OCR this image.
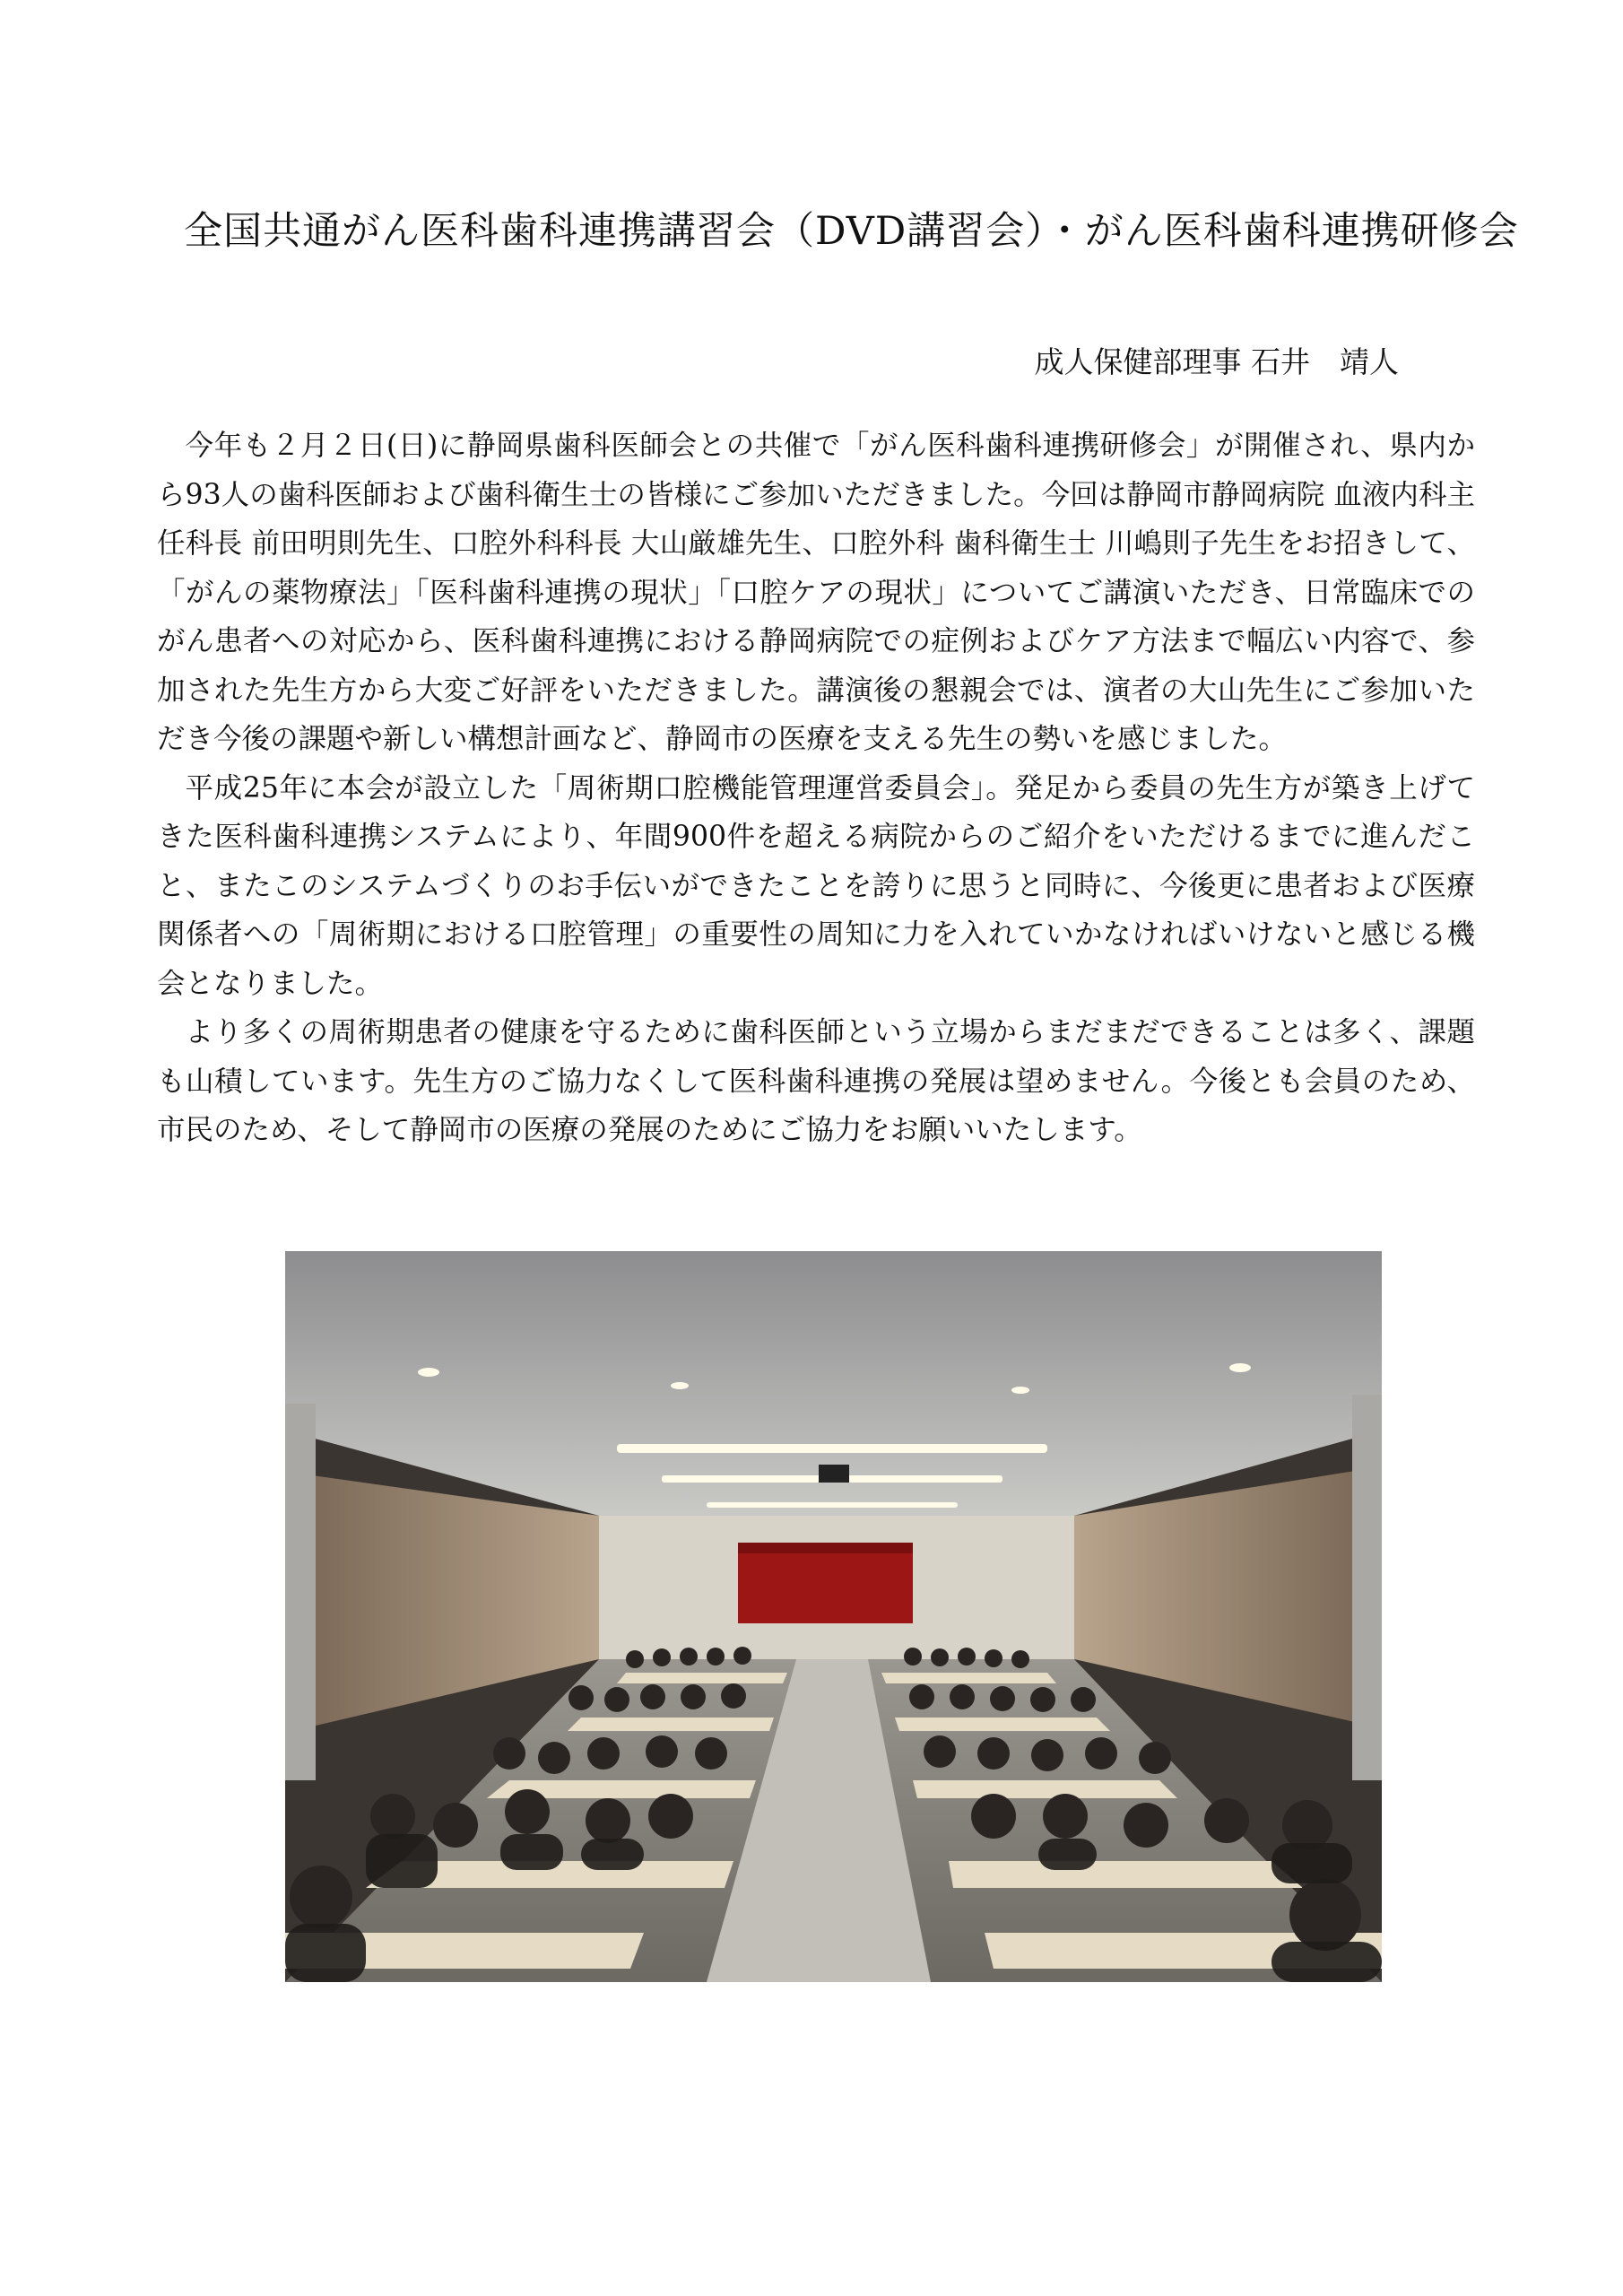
全国共通がん医科歯科連携講習会（DVD講習会）・がん医科歯科連携研修会
成人保健部理事 石井　靖人

今年も２月２日(日)に静岡県歯科医師会との共催で「がん医科歯科連携研修会」が開催され、県内から93人の歯科医師および歯科衛生士の皆様にご参加いただきました。今回は静岡市静岡病院 血液内科主任科長 前田明則先生、口腔外科科長 大山厳雄先生、口腔外科 歯科衛生士 川嶋則子先生をお招きして、「がんの薬物療法」「医科歯科連携の現状」「口腔ケアの現状」についてご講演いただき、日常臨床でのがん患者への対応から、医科歯科連携における静岡病院での症例およびケア方法まで幅広い内容で、参加された先生方から大変ご好評をいただきました。講演後の懇親会では、演者の大山先生にご参加いただき今後の課題や新しい構想計画など、静岡市の医療を支える先生の勢いを感じました。

平成25年に本会が設立した「周術期口腔機能管理運営委員会」。発足から委員の先生方が築き上げてきた医科歯科連携システムにより、年間900件を超える病院からのご紹介をいただけるまでに進んだこと、またこのシステムづくりのお手伝いができたことを誇りに思うと同時に、今後更に患者および医療関係者への「周術期における口腔管理」の重要性の周知に力を入れていかなければいけないと感じる機会となりました。

より多くの周術期患者の健康を守るために歯科医師という立場からまだまだできることは多く、課題も山積しています。先生方のご協力なくして医科歯科連携の発展は望めません。今後とも会員のため、市民のため、そして静岡市の医療の発展のためにご協力をお願いいたします。
